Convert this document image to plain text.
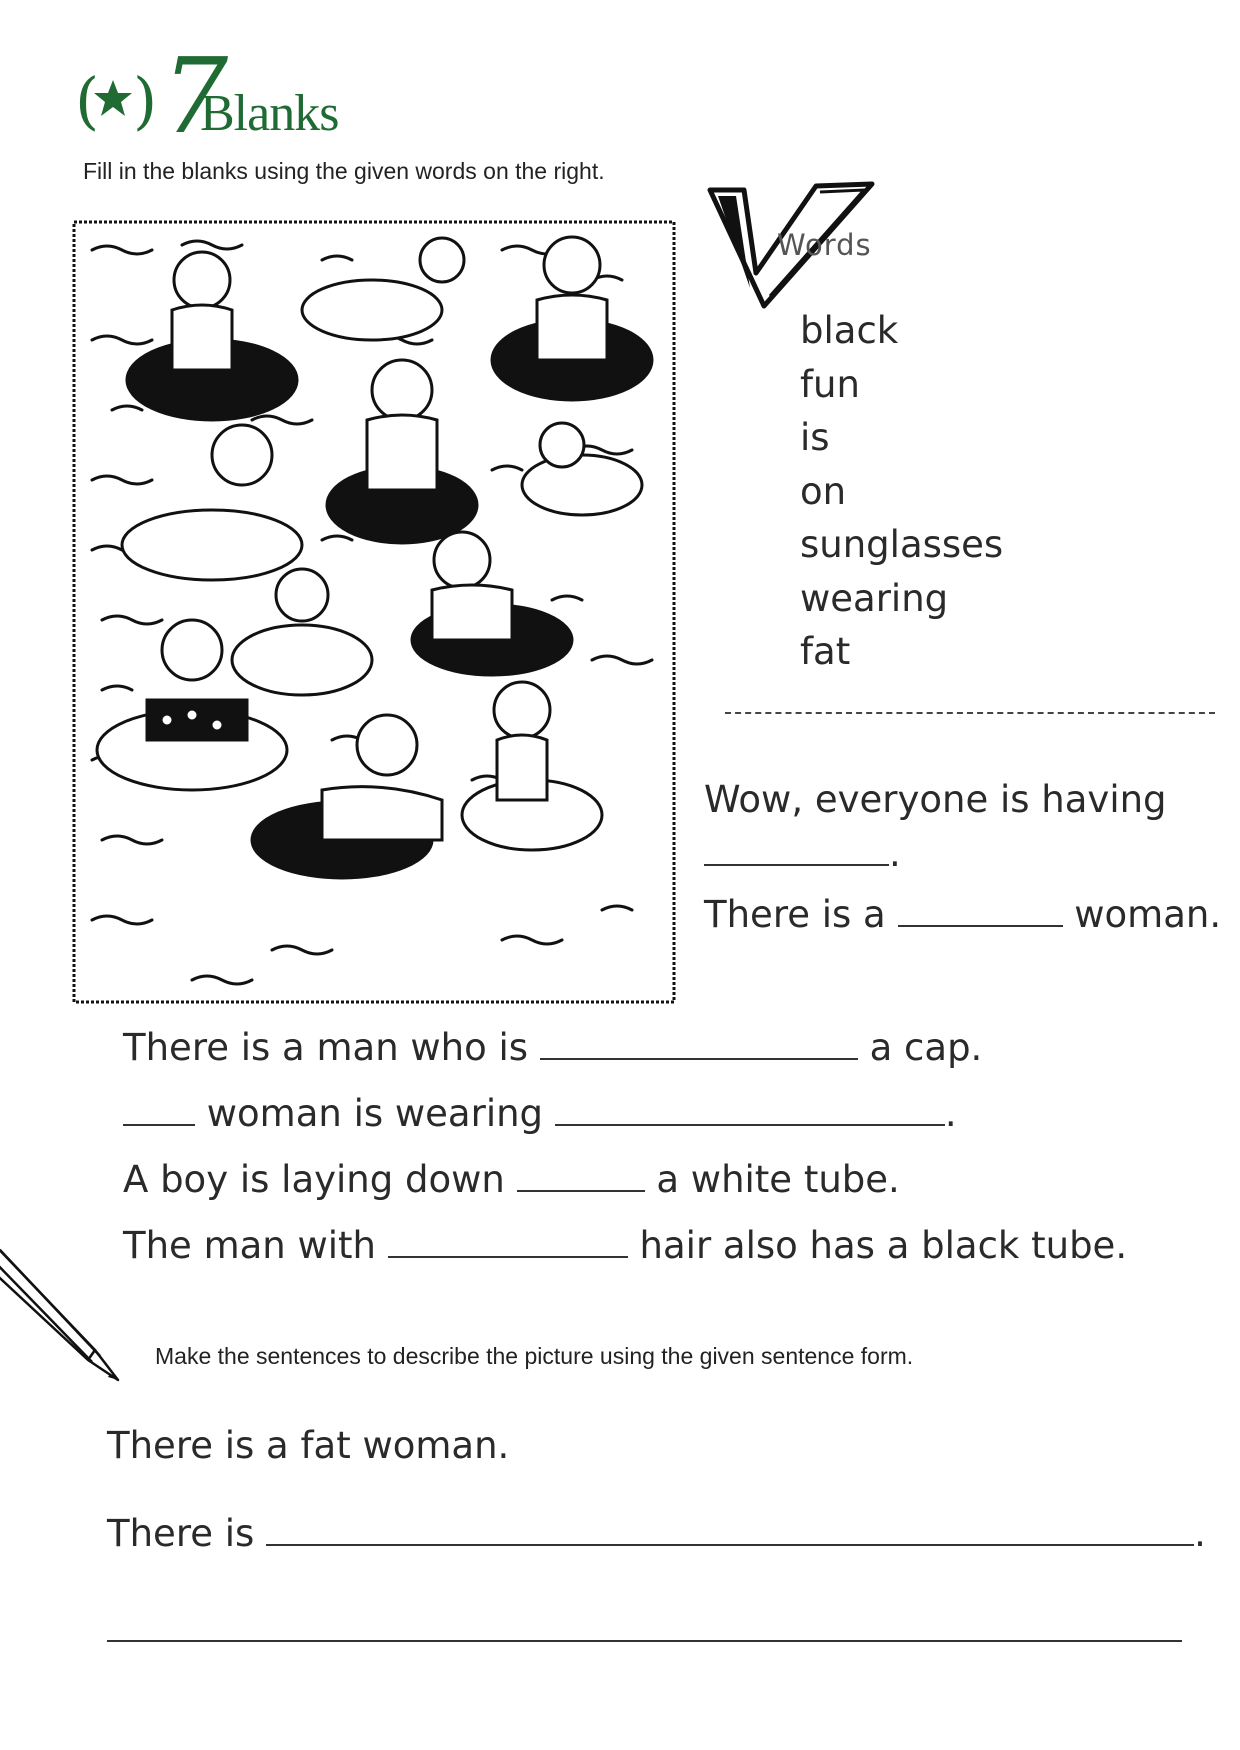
( ) 7
Blanks
Fill in the blanks using the given words on the right.
Words
black
fun
is
on
sunglasses
wearing
fat
Wow, everyone is having
.
There is a	woman.
There is a man who is	a cap.
woman is wearing	.
A boy is laying down	a white tube.
The man with	hair also has a black tube.
Make the sentences to describe the picture using the given sentence form.
There is a fat woman.
There is	.
